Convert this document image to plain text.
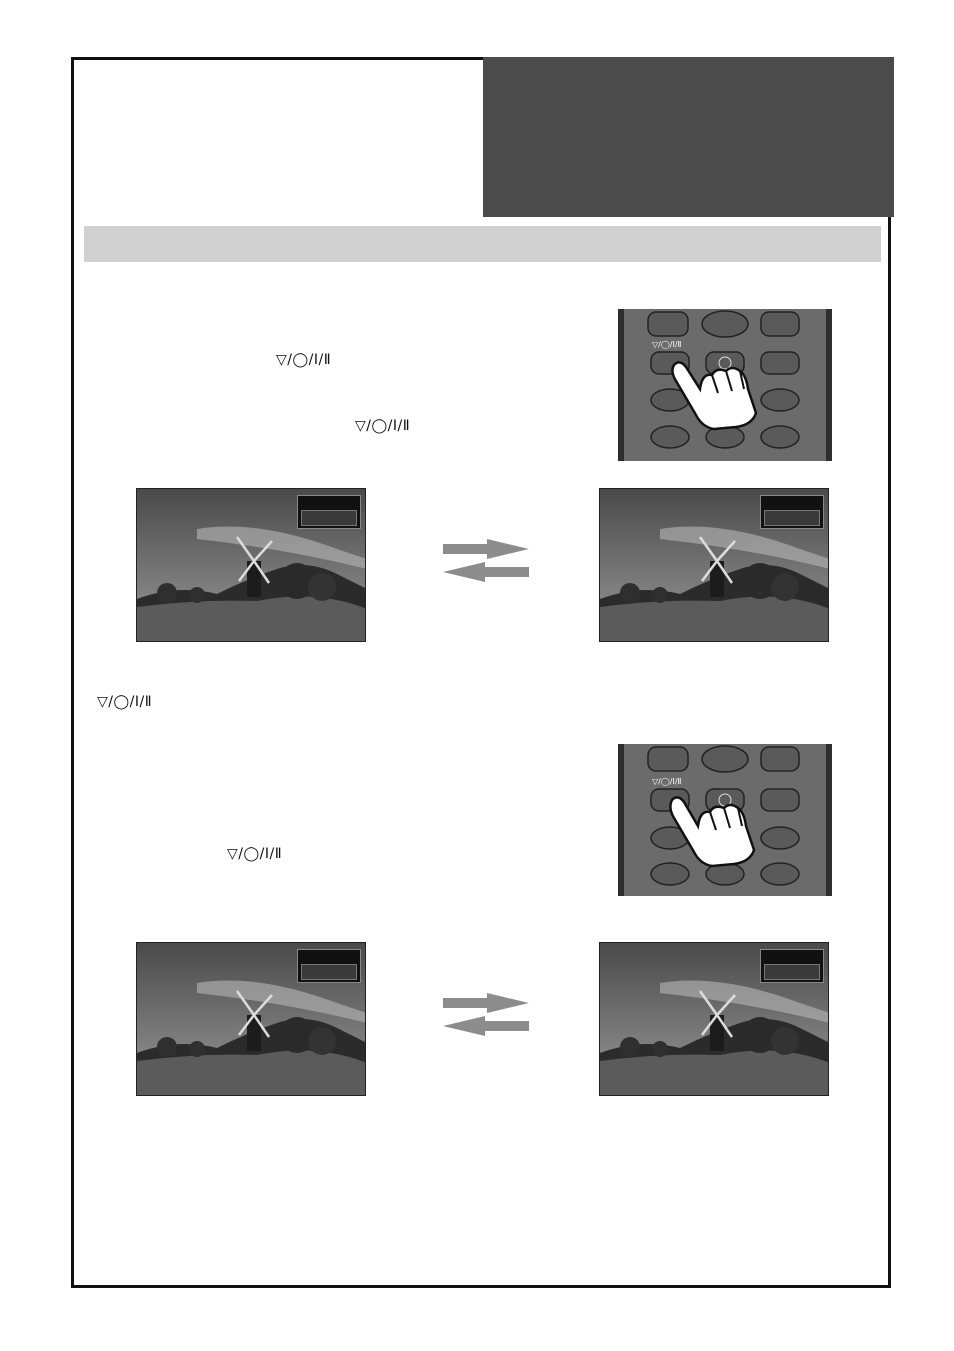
▽/◯/Ⅰ/Ⅱ
▽/◯/Ⅰ/Ⅱ
▽/◯/Ⅰ/Ⅱ
▽/◯/Ⅰ/Ⅱ
▽/◯/Ⅰ/Ⅱ
▽/◯/Ⅰ/Ⅱ
